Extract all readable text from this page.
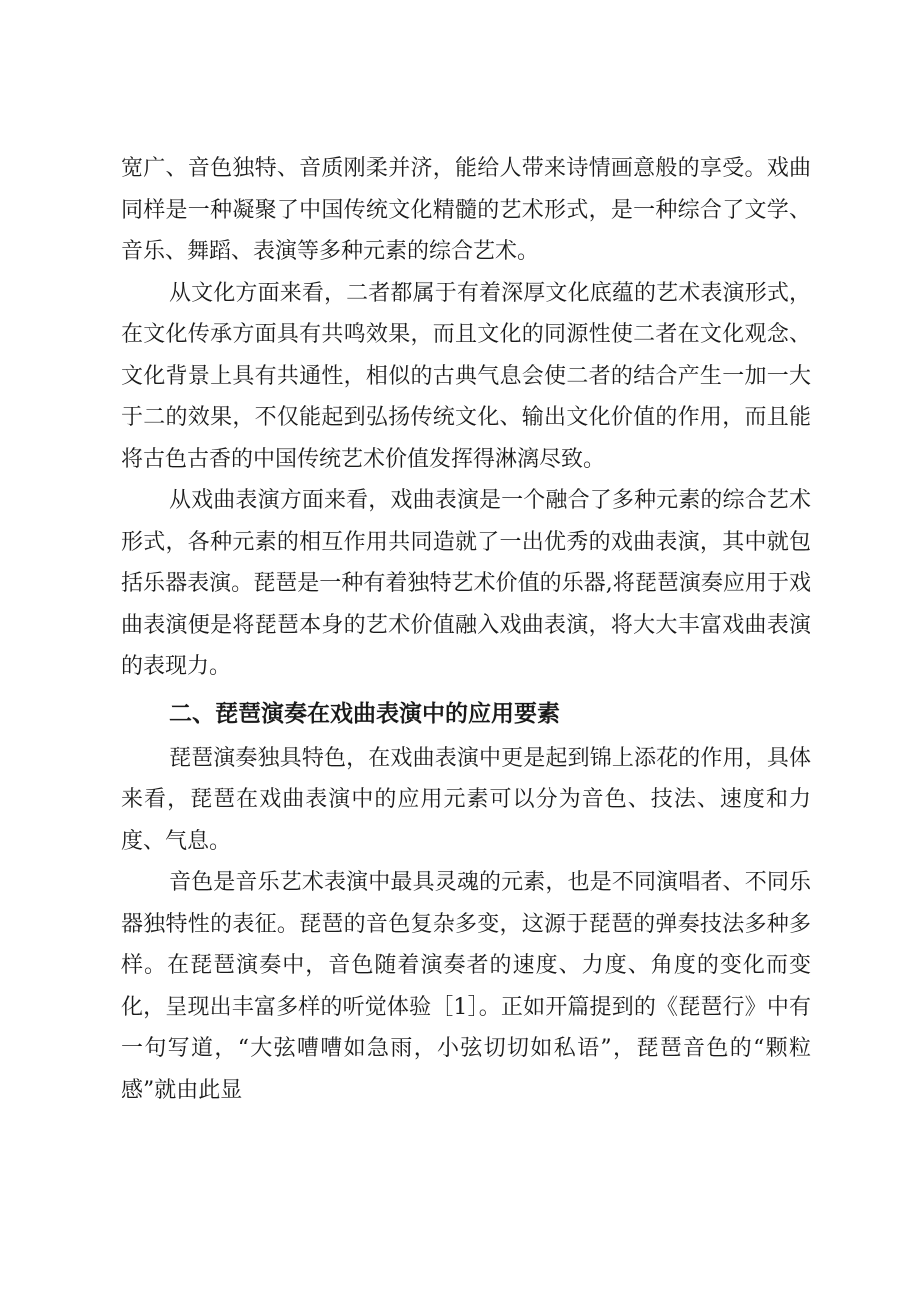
宽广、音色独特、音质刚柔并济，能给人带来诗情画意般的享受。戏曲同样是一种凝聚了中国传统文化精髓的艺术形式，是一种综合了文学、音乐、舞蹈、表演等多种元素的综合艺术。

从文化方面来看，二者都属于有着深厚文化底蕴的艺术表演形式，在文化传承方面具有共鸣效果，而且文化的同源性使二者在文化观念、文化背景上具有共通性，相似的古典气息会使二者的结合产生一加一大于二的效果，不仅能起到弘扬传统文化、输出文化价值的作用，而且能将古色古香的中国传统艺术价值发挥得淋漓尽致。

从戏曲表演方面来看，戏曲表演是一个融合了多种元素的综合艺术形式，各种元素的相互作用共同造就了一出优秀的戏曲表演，其中就包括乐器表演。琵琶是一种有着独特艺术价值的乐器,将琵琶演奏应用于戏曲表演便是将琵琶本身的艺术价值融入戏曲表演，将大大丰富戏曲表演的表现力。

二、琵琶演奏在戏曲表演中的应用要素

琵琶演奏独具特色，在戏曲表演中更是起到锦上添花的作用，具体来看，琵琶在戏曲表演中的应用元素可以分为音色、技法、速度和力度、气息。

音色是音乐艺术表演中最具灵魂的元素，也是不同演唱者、不同乐器独特性的表征。琵琶的音色复杂多变，这源于琵琶的弹奏技法多种多样。在琵琶演奏中，音色随着演奏者的速度、力度、角度的变化而变化，呈现出丰富多样的听觉体验［1］。正如开篇提到的《琵琶行》中有一句写道，“大弦嘈嘈如急雨，小弦切切如私语”，琵琶音色的“颗粒感”就由此显
